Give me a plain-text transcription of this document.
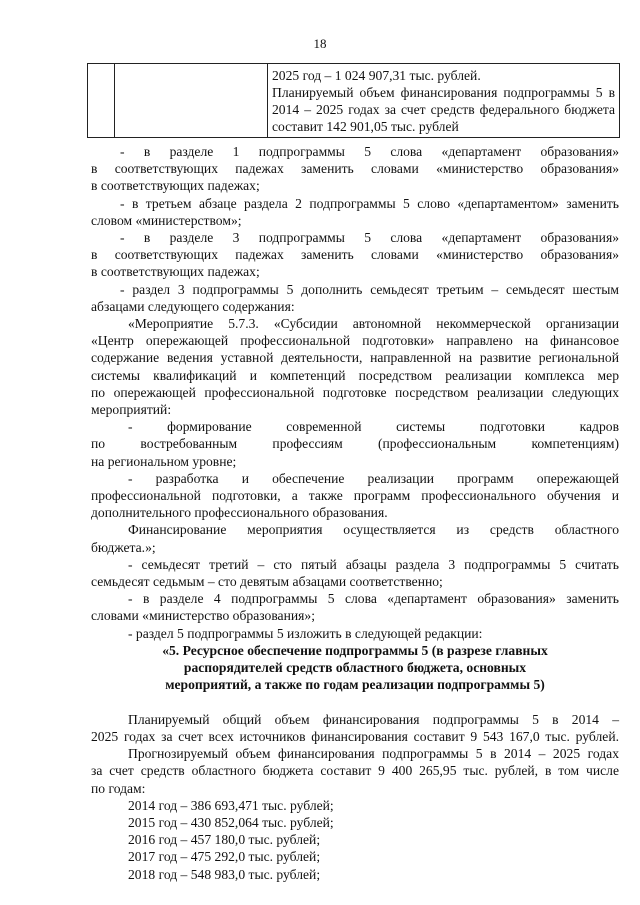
18

2025 год – 1 024 907,31 тыс. рублей.
Планируемый объем финансирования подпрограммы 5 в 2014 – 2025 годах за счет средств федерального бюджета составит 142 901,05 тыс. рублей
- в разделе 1 подпрограммы 5 слова «департамент образования»
в соответствующих падежах заменить словами «министерство образования»
в соответствующих падежах;
- в третьем абзаце раздела 2 подпрограммы 5 слово «департаментом» заменить
словом «министерством»;
- в разделе 3 подпрограммы 5 слова «департамент образования»
в соответствующих падежах заменить словами «министерство образования»
в соответствующих падежах;
- раздел 3 подпрограммы 5 дополнить семьдесят третьим – семьдесят шестым
абзацами следующего содержания:
«Мероприятие 5.7.3. «Субсидии автономной некоммерческой организации
«Центр опережающей профессиональной подготовки» направлено на финансовое
содержание ведения уставной деятельности, направленной на развитие региональной
системы квалификаций и компетенций посредством реализации комплекса мер
по опережающей профессиональной подготовке посредством реализации следующих
мероприятий:
- формирование современной системы подготовки кадров
по востребованным профессиям (профессиональным компетенциям)
на региональном уровне;
- разработка и обеспечение реализации программ опережающей
профессиональной подготовки, а также программ профессионального обучения и
дополнительного профессионального образования.
Финансирование мероприятия осуществляется из средств областного
бюджета.»;
- семьдесят третий – сто пятый абзацы раздела 3 подпрограммы 5 считать
семьдесят седьмым – сто девятым абзацами соответственно;
- в разделе 4 подпрограммы 5 слова «департамент образования» заменить
словами «министерство образования»;
- раздел 5 подпрограммы 5 изложить в следующей редакции:
«5. Ресурсное обеспечение подпрограммы 5 (в разрезе главных
распорядителей средств областного бюджета, основных
мероприятий, а также по годам реализации подпрограммы 5)
Планируемый общий объем финансирования подпрограммы 5 в 2014 –
2025 годах за счет всех источников финансирования составит 9 543 167,0 тыс. рублей.
Прогнозируемый объем финансирования подпрограммы 5 в 2014 – 2025 годах
за счет средств областного бюджета составит 9 400 265,95 тыс. рублей, в том числе
по годам:
2014 год – 386 693,471 тыс. рублей;
2015 год – 430 852,064 тыс. рублей;
2016 год – 457 180,0 тыс. рублей;
2017 год – 475 292,0 тыс. рублей;
2018 год – 548 983,0 тыс. рублей;
